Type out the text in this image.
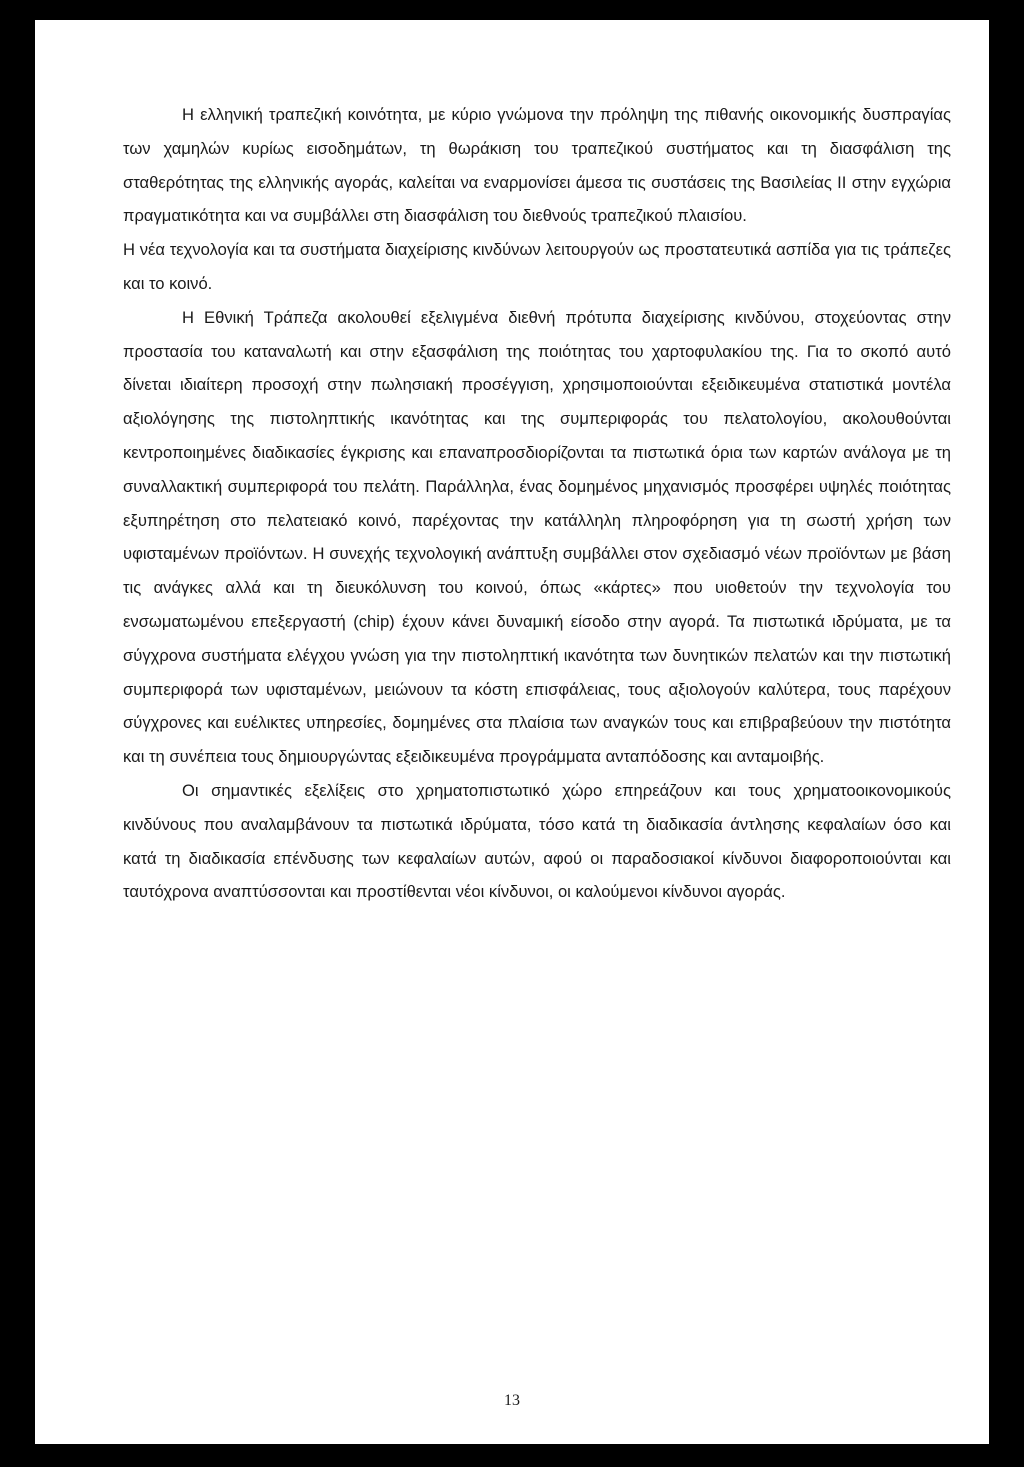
Η ελληνική τραπεζική κοινότητα, με κύριο γνώμονα την πρόληψη της πιθανής οικονομικής δυσπραγίας των χαμηλών κυρίως εισοδημάτων, τη θωράκιση του τραπεζικού συστήματος και τη διασφάλιση της σταθερότητας της ελληνικής αγοράς, καλείται να εναρμονίσει άμεσα τις συστάσεις της Βασιλείας II στην εγχώρια πραγματικότητα και να συμβάλλει στη διασφάλιση του διεθνούς τραπεζικού πλαισίου.

Η νέα τεχνολογία και τα συστήματα διαχείρισης κινδύνων λειτουργούν ως προστατευτικά ασπίδα για τις τράπεζες και το κοινό.

Η Εθνική Τράπεζα ακολουθεί εξελιγμένα διεθνή πρότυπα διαχείρισης κινδύνου, στοχεύοντας στην προστασία του καταναλωτή και στην εξασφάλιση της ποιότητας του χαρτοφυλακίου της. Για το σκοπό αυτό δίνεται ιδιαίτερη προσοχή στην πωλησιακή προσέγγιση, χρησιμοποιούνται εξειδικευμένα στατιστικά μοντέλα αξιολόγησης της πιστοληπτικής ικανότητας και της συμπεριφοράς του πελατολογίου, ακολουθούνται κεντροποιημένες διαδικασίες έγκρισης και επαναπροσδιορίζονται τα πιστωτικά όρια των καρτών ανάλογα με τη συναλλακτική συμπεριφορά του πελάτη. Παράλληλα, ένας δομημένος μηχανισμός προσφέρει υψηλές ποιότητας εξυπηρέτηση στο πελατειακό κοινό, παρέχοντας την κατάλληλη πληροφόρηση για τη σωστή χρήση των υφισταμένων προϊόντων. Η συνεχής τεχνολογική ανάπτυξη συμβάλλει στον σχεδιασμό νέων προϊόντων με βάση τις ανάγκες αλλά και τη διευκόλυνση του κοινού, όπως «κάρτες» που υιοθετούν την τεχνολογία του ενσωματωμένου επεξεργαστή (chip) έχουν κάνει δυναμική είσοδο στην αγορά. Τα πιστωτικά ιδρύματα, με τα σύγχρονα συστήματα ελέγχου γνώση για την πιστοληπτική ικανότητα των δυνητικών πελατών και την πιστωτική συμπεριφορά των υφισταμένων, μειώνουν τα κόστη επισφάλειας, τους αξιολογούν καλύτερα, τους παρέχουν σύγχρονες και ευέλικτες υπηρεσίες, δομημένες στα πλαίσια των αναγκών τους και επιβραβεύουν την πιστότητα και τη συνέπεια τους δημιουργώντας εξειδικευμένα προγράμματα ανταπόδοσης και ανταμοιβής.

Οι σημαντικές εξελίξεις στο χρηματοπιστωτικό χώρο επηρεάζουν και τους χρηματοοικονομικούς κινδύνους που αναλαμβάνουν τα πιστωτικά ιδρύματα, τόσο κατά τη διαδικασία άντλησης κεφαλαίων όσο και κατά τη διαδικασία επένδυσης των κεφαλαίων αυτών, αφού οι παραδοσιακοί κίνδυνοι διαφοροποιούνται και ταυτόχρονα αναπτύσσονται και προστίθενται νέοι κίνδυνοι, οι καλούμενοι κίνδυνοι αγοράς.

13
